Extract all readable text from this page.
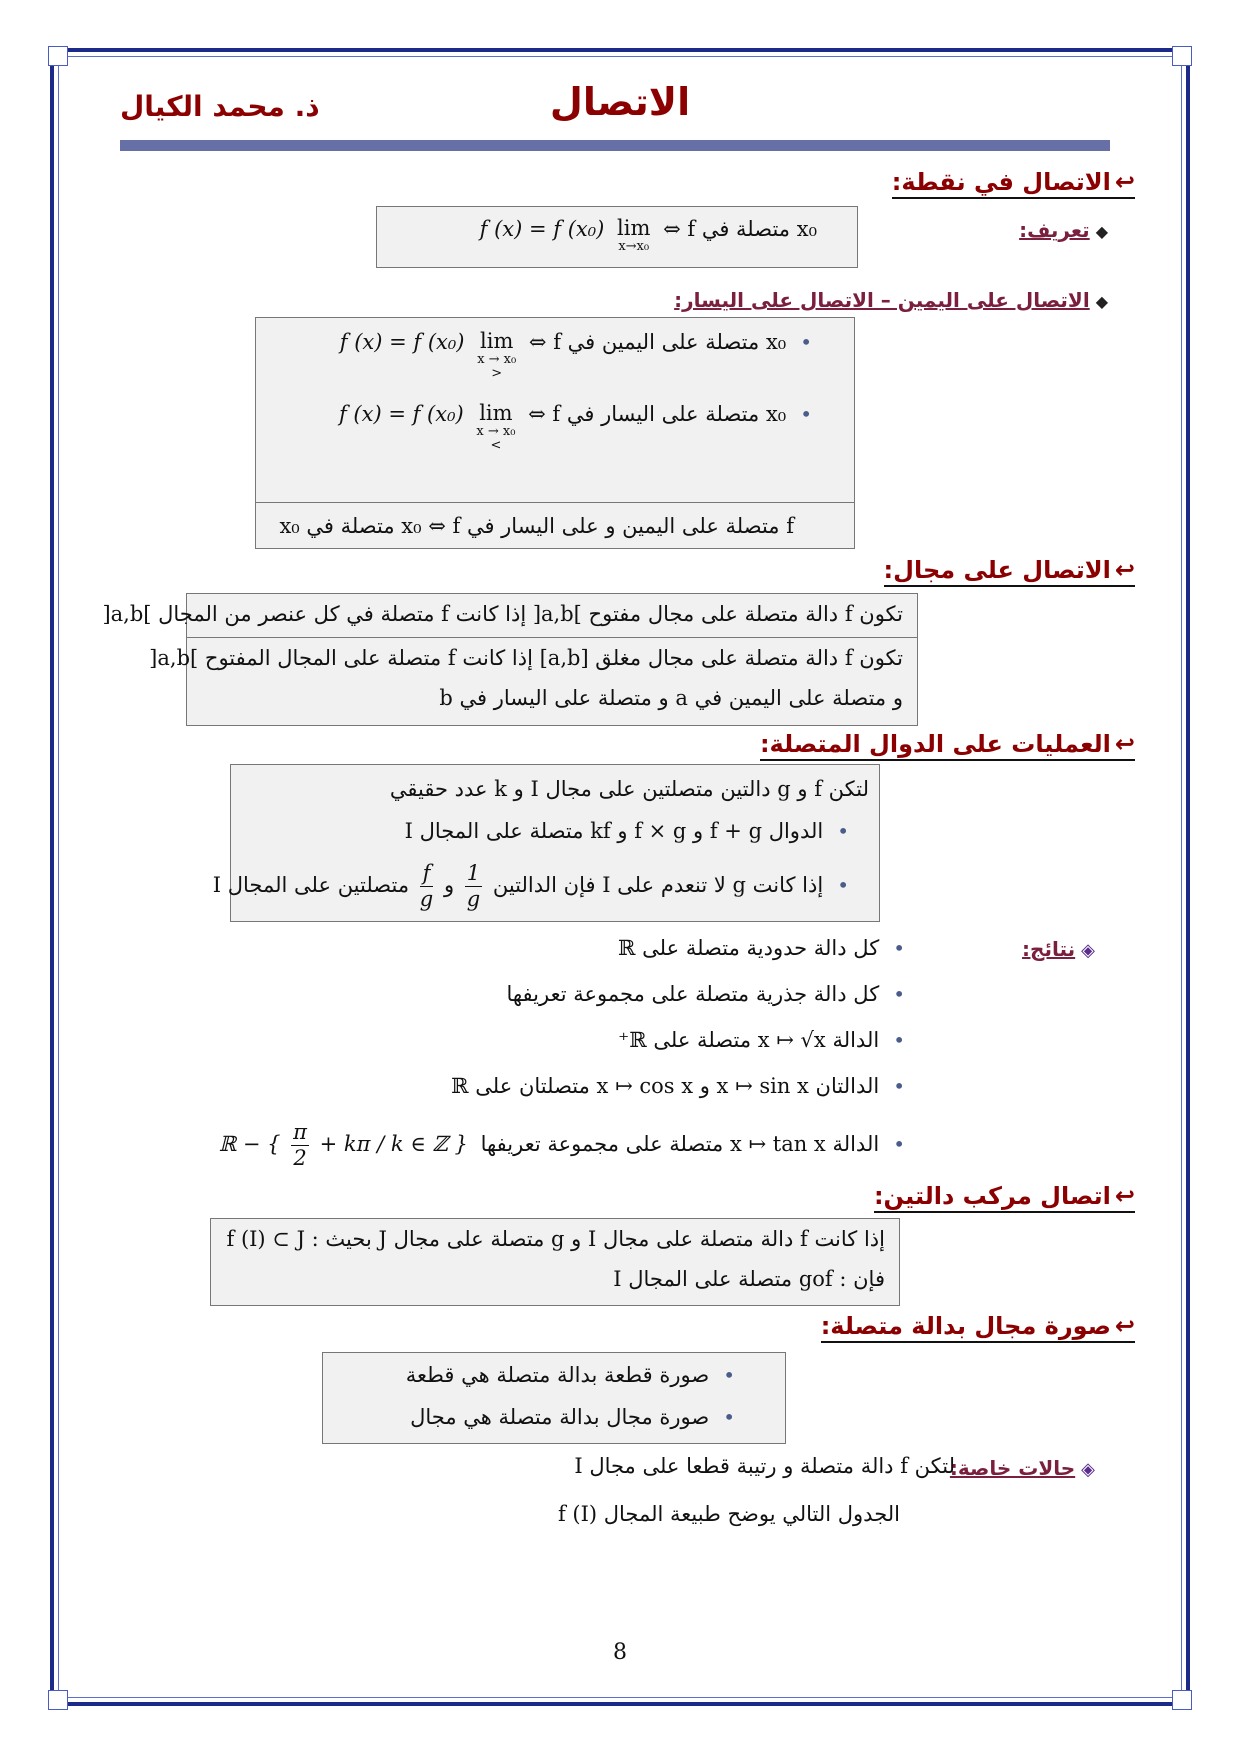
ذ. محمد الكيال	الاتصال
↩الاتصال في نقطة:
◆تعريف:
x₀ متصلة في f ⇔
lim
x→x₀
f (x) = f (x₀)
◆الاتصال على اليمين – الاتصال على اليسار:
•x₀ متصلة على اليمين في f ⇔
lim
x → x₀
>
f (x) = f (x₀)
•x₀ متصلة على اليسار في f ⇔
lim
x → x₀
<
f (x) = f (x₀)
f متصلة على اليمين و على اليسار في x₀ ⇔ f متصلة في x₀
↩الاتصال على مجال:
تكون f دالة متصلة على مجال مفتوح ]a,b[ إذا كانت f متصلة في كل عنصر من المجال ]a,b[
تكون f دالة متصلة على مجال مغلق [a,b] إذا كانت f متصلة على المجال المفتوح ]a,b[
و متصلة على اليمين في a و متصلة على اليسار في b
↩العمليات على الدوال المتصلة:
لتكن f و g دالتين متصلتين على مجال I و k عدد حقيقي
•الدوال f + g و f × g و kf متصلة على المجال I
•إذا كانت g لا تنعدم على I فإن الدالتين
$\frac{1}{g}$
و
$\frac{f}{g}$
متصلتين على المجال I
◈نتائج:
•كل دالة حدودية متصلة على ℝ
•كل دالة جذرية متصلة على مجموعة تعريفها
•الدالة x ↦ √x متصلة على ℝ⁺
•الدالتان x ↦ sin x و x ↦ cos x متصلتان على ℝ
•الدالة x ↦ tan x متصلة على مجموعة تعريفها ℝ − { $\frac{\pi}{2} + k\pi / k$ ∈ ℤ }
↩اتصال مركب دالتين:
إذا كانت f دالة متصلة على مجال I و g متصلة على مجال J بحيث : f (I) ⊂ J
فإن : gof متصلة على المجال I
↩صورة مجال بدالة متصلة:
•صورة قطعة بدالة متصلة هي قطعة
•صورة مجال بدالة متصلة هي مجال
◈حالات خاصة:
لتكن f دالة متصلة و رتيبة قطعا على مجال I
الجدول التالي يوضح طبيعة المجال f (I)
8
